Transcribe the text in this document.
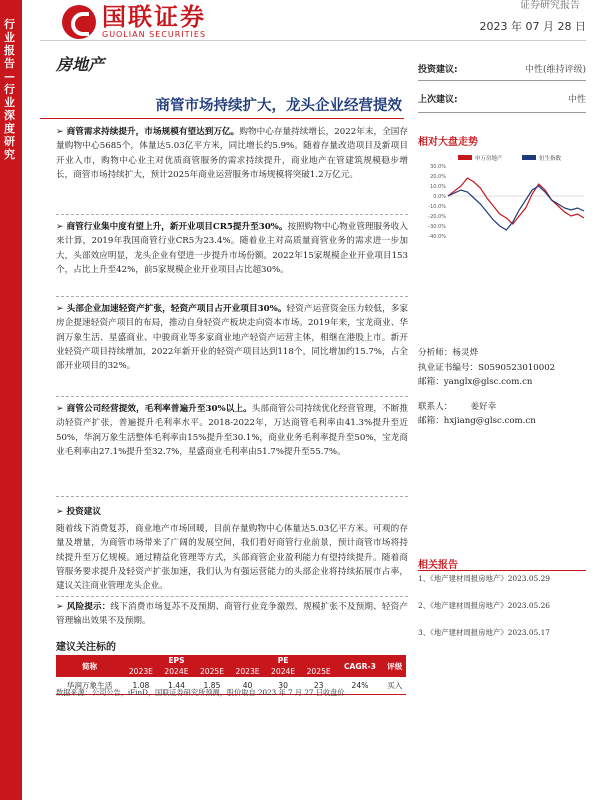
行业报告—行业深度研究
国联证券
GUOLIAN SECURITIES
证券研究报告
2023 年 07 月 28 日
房地产
商管市场持续扩大，龙头企业经营提效
投资建议:	中性(维持评级)
上次建议:	中性
相对大盘走势
申万房地产	恒生指数
30.0%
20.0%
10.0%
0.0%
-10.0%
-20.0%
-30.0%
-40.0%
分析师：杨灵烨
执业证书编号：S0590523010002
邮箱：yanglx@glsc.com.cn
联系人： 姜好幸
邮箱：hxjiang@glsc.com.cn
相关报告
1、《地产建材周报房地产》2023.05.29
2、《地产建材周报房地产》2023.05.26
3、《地产建材周报房地产》2023.05.17
➢ 商管需求持续提升，市场规模有望达到万亿。购物中心存量持续增长，2022年末，全国存量购物中心5685个，体量达5.03亿平方米，同比增长约5.9%。随着存量改造项目及新项目开业入市，购物中心业主对优质商管服务的需求持续提升，商业地产在管建筑规模稳步增长，商管市场持续扩大，预计2025年商业运营服务市场规模将突破1.2万亿元。
➢ 商管行业集中度有望上升，新开业项目CR5提升至30%。按照购物中心物业管理服务收入来计算，2019年我国商管行业CR5为23.4%。随着业主对高质量商管业务的需求进一步加大，头部效应明显，龙头企业有望进一步提升市场份额。2022年15家规模企业开业项目153个，占比上升至42%，前5家规模企业开业项目占比超30%。
➢ 头部企业加速轻资产扩张，轻资产项目占开业项目30%。轻资产运营资金压力较低，多家房企提速轻资产项目的布局，推动自身轻资产板块走向资本市场。2019年来，宝龙商业、华润万象生活、星盛商业、中骏商业等多家商业地产轻资产运营主体，相继在港股上市。新开业轻资产项目持续增加，2022年新开业的轻资产项目达到118个，同比增加约15.7%，占全部开业项目的32%。
➢ 商管公司经营提效，毛利率普遍升至30%以上。头部商管公司持续优化经营管理，不断推动轻资产扩张，普遍提升毛利率水平。2018-2022年，万达商管毛利率由41.3%提升至近50%，华润万象生活整体毛利率由15%提升至30.1%，商业业务毛利率提升至50%，宝龙商业毛利率由27.1%提升至32.7%，星盛商业毛利率由51.7%提升至55.7%。
➢ 投资建议
随着线下消费复苏，商业地产市场回暖，目前存量购物中心体量达5.03亿平方米。可观的存量及增量，为商管市场带来了广阔的发展空间，我们看好商管行业前景，预计商管市场将持续提升至万亿规模。通过精益化管理等方式，头部商管企业盈利能力有望持续提升。随着商管服务要求提升及轻资产扩张加速，我们认为有强运营能力的头部企业将持续拓展市占率，建议关注商业管理龙头企业。
➢ 风险提示：线下消费市场复苏不及预期、商管行业竞争激烈、规模扩张不及预期、轻资产管理输出效果不及预期。
建议关注标的
简称	EPS			PE			CAGR-3	评级
	2023E	2024E	2025E	2023E	2024E	2025E		
华润万象生活	1.08	1.44	1.85	40	30	23	24%	买入
数据来源：公司公告，iFinD，国联证券研究所预测，股价取自 2023 年 7 月 27 日收盘价
